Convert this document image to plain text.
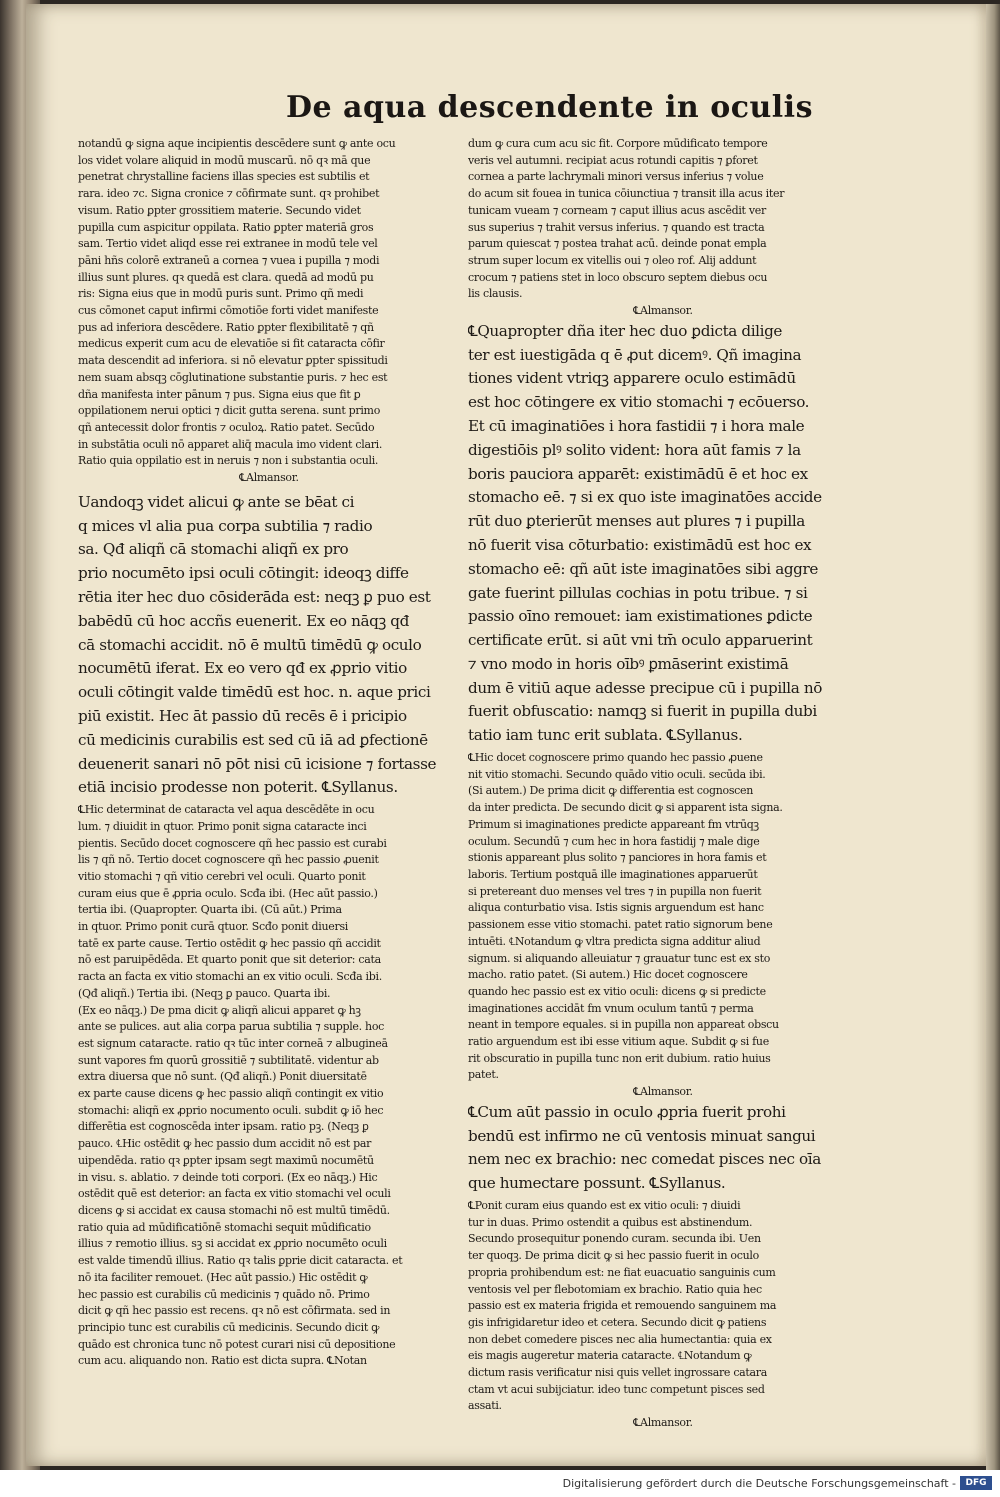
De aqua descendente in oculis
notandū ꝙ signa aque incipientis descēdere sunt ꝙ ante ocu
los videt volare aliquid in modū muscarū. nō qꝛ mā que
penetrat chrystalline faciens illas species est subtilis et
rara. ideo ⁊c. Signa cronice ⁊ cōfirmate sunt. qꝛ prohibet
visum. Ratio ꝑpter grossitiem materie. Secundo videt
pupilla cum aspicitur oppilata. Ratio ꝑpter materiā gros
sam. Tertio videt aliqd esse rei extranee in modū tele vel
pāni hñs colorē extraneū a cornea ⁊ vuea i pupilla ⁊ modi
illius sunt plures. qꝛ quedā est clara. quedā ad modū pu
ris: Signa eius que in modū puris sunt. Primo qñ medi
cus cōmonet caput infirmi cōmotiōe forti videt manifeste
pus ad inferiora descēdere. Ratio ꝑpter flexibilitatē ⁊ qñ
medicus experit cum acu de elevatiōe si fit cataracta cōfir
mata descendit ad inferiora. si nō elevatur ꝑpter spissitudi
nem suam absqꝫ cōglutinatione substantie puris. ⁊ hec est
dña manifesta inter pānum ⁊ pus. Signa eius que fit ꝑ
oppilationem nerui optici ⁊ dicit gutta serena. sunt primo
qñ antecessit dolor frontis ⁊ oculoꝝ. Ratio patet. Secūdo
in substātia oculi nō apparet aliq̄ macula imo vident clari.
Ratio quia oppilatio est in neruis ⁊ non i substantia oculi.
℄Almansor.
Uandoqꝫ videt alicui ꝙ ante se bēat ci
q mices vl alia pua corpa subtilia ⁊ radio
sa. Qđ aliqñ cā stomachi aliqñ ex pro
prio nocumēto ipsi oculi cōtingit: ideoqꝫ diffe
rētia iter hec duo cōsiderāda est: neqꝫ ꝑ puo est
babēdū cū hoc accñs euenerit. Ex eo nāqꝫ qđ
cā stomachi accidit. nō ē multū timēdū ꝙ oculo
nocumētū iferat. Ex eo vero qđ ex ꝓprio vitio
oculi cōtingit valde timēdū est hoc. n. aque prici
piū existit. Hec āt passio dū recēs ē i pricipio
cū medicinis curabilis est sed cū iā ad ꝑfectionē
deuenerit sanari nō pōt nisi cū icisione ⁊ fortasse
etiā incisio prodesse non poterit. ℄Syllanus.
℄Hic determinat de cataracta vel aqua descēdēte in ocu
lum. ⁊ diuidit in qtuor. Primo ponit signa cataracte inci
pientis. Secūdo docet cognoscere qñ hec passio est curabi
lis ⁊ qñ nō. Tertio docet cognoscere qñ hec passio ꝓuenit
vitio stomachi ⁊ qñ vitio cerebri vel oculi. Quarto ponit
curam eius que ē ꝓpria oculo. Scđa ibi. (Hec aūt passio.)
tertia ibi. (Quapropter. Quarta ibi. (Cū aūt.) Prima
in qtuor. Primo ponit curā qtuor. Scđo ponit diuersi
tatē ex parte cause. Tertio ostēdit ꝙ hec passio qñ accidit
nō est paruipēdēda. Et quarto ponit que sit deterior: cata
racta an facta ex vitio stomachi an ex vitio oculi. Scđa ibi.
(Qđ aliqñ.) Tertia ibi. (Neqꝫ ꝑ pauco. Quarta ibi.
(Ex eo nāqꝫ.) De pma dicit ꝙ aliqñ alicui apparet ꝙ hꝫ
ante se pulices. aut alia corpa parua subtilia ⁊ supple. hoc
est signum cataracte. ratio qꝛ tūc inter corneā ⁊ albugineā
sunt vapores fm quorū grossitiē ⁊ subtilitatē. videntur ab
extra diuersa que nō sunt. (Qđ aliqñ.) Ponit diuersitatē
ex parte cause dicens ꝙ hec passio aliqñ contingit ex vitio
stomachi: aliqñ ex ꝓprio nocumento oculi. subdit ꝙ iō hec
differētia est cognoscēda inter ipsam. ratio pꝫ. (Neqꝫ ꝑ
pauco. ℄Hic ostēdit ꝙ hec passio dum accidit nō est par
uipendēda. ratio qꝛ ꝑpter ipsam segt maximū nocumētū
in visu. s. ablatio. ⁊ deinde toti corpori. (Ex eo nāqꝫ.) Hic
ostēdit quē est deterior: an facta ex vitio stomachi vel oculi
dicens ꝙ si accidat ex causa stomachi nō est multū timēdū.
ratio quia ad mūdificatiōnē stomachi sequit mūdificatio
illius ⁊ remotio illius. sꝫ si accidat ex ꝓprio nocumēto oculi
est valde timendū illius. Ratio qꝛ talis ꝑprie dicit cataracta. et
nō ita faciliter remouet. (Hec aūt passio.) Hic ostēdit ꝙ
hec passio est curabilis cū medicinis ⁊ quādo nō. Primo
dicit ꝙ qñ hec passio est recens. qꝛ nō est cōfirmata. sed in
principio tunc est curabilis cū medicinis. Secundo dicit ꝙ
quādo est chronica tunc nō potest curari nisi cū depositione
cum acu. aliquando non. Ratio est dicta supra. ℄Notan
dum ꝙ cura cum acu sic fit. Corpore mūdificato tempore
veris vel autumni. recipiat acus rotundi capitis ⁊ ꝑforet
cornea a parte lachrymali minori versus inferius ⁊ volue
do acum sit fouea in tunica cōiunctiua ⁊ transit illa acus iter
tunicam vueam ⁊ corneam ⁊ caput illius acus ascēdit ver
sus superius ⁊ trahit versus inferius. ⁊ quando est tracta
parum quiescat ⁊ postea trahat acū. deinde ponat empla
strum super locum ex vitellis oui ⁊ oleo rof. Alij addunt
crocum ⁊ patiens stet in loco obscuro septem diebus ocu
lis clausis.
℄Almansor.
℄Quapropter dña iter hec duo ꝑdicta dilige
ter est iuestigāda q ē ꝓut dicemꝰ. Qñ imagina
tiones vident vtriqꝫ apparere oculo estimādū
est hoc cōtingere ex vitio stomachi ⁊ ecōuerso.
Et cū imaginatiōes i hora fastidii ⁊ i hora male
digestiōis plꝰ solito vident: hora aūt famis ⁊ la
boris pauciora apparēt: existimādū ē et hoc ex
stomacho eē. ⁊ si ex quo iste imaginatōes accide
rūt duo ꝑterierūt menses aut plures ⁊ i pupilla
nō fuerit visa cōturbatio: existimādū est hoc ex
stomacho eē: qñ aūt iste imaginatōes sibi aggre
gate fuerint pillulas cochias in potu tribue. ⁊ si
passio oīno remouet: iam existimationes ꝑdicte
certificate erūt. si aūt vni tm̄ oculo apparuerint
⁊ vno modo in horis oībꝰ ꝑmāserint existimā
dum ē vitiū aque adesse precipue cū i pupilla nō
fuerit obfuscatio: namqꝫ si fuerit in pupilla dubi
tatio iam tunc erit sublata. ℄Syllanus.
℄Hic docet cognoscere primo quando hec passio ꝓuene
nit vitio stomachi. Secundo quādo vitio oculi. secūda ibi.
(Si autem.) De prima dicit ꝙ differentia est cognoscen
da inter predicta. De secundo dicit ꝙ si apparent ista signa.
Primum si imaginationes predicte appareant fm vtrūqꝫ
oculum. Secundū ⁊ cum hec in hora fastidij ⁊ male dige
stionis appareant plus solito ⁊ panciores in hora famis et
laboris. Tertium postquā ille imaginationes apparuerūt
si pretereant duo menses vel tres ⁊ in pupilla non fuerit
aliqua conturbatio visa. Istis signis arguendum est hanc
passionem esse vitio stomachi. patet ratio signorum bene
intuēti. ℄Notandum ꝙ vltra predicta signa additur aliud
signum. si aliquando alleuiatur ⁊ grauatur tunc est ex sto
macho. ratio patet. (Si autem.) Hic docet cognoscere
quando hec passio est ex vitio oculi: dicens ꝙ si predicte
imaginationes accidāt fm vnum oculum tantū ⁊ perma
neant in tempore equales. si in pupilla non appareat obscu
ratio arguendum est ibi esse vitium aque. Subdit ꝙ si fue
rit obscuratio in pupilla tunc non erit dubium. ratio huius
patet.
℄Almansor.
℄Cum aūt passio in oculo ꝓpria fuerit prohi
bendū est infirmo ne cū ventosis minuat sangui
nem nec ex brachio: nec comedat pisces nec oīa
que humectare possunt. ℄Syllanus.
℄Ponit curam eius quando est ex vitio oculi: ⁊ diuidi
tur in duas. Primo ostendit a quibus est abstinendum.
Secundo prosequitur ponendo curam. secunda ibi. Uen
ter quoqꝫ. De prima dicit ꝙ si hec passio fuerit in oculo
propria prohibendum est: ne fiat euacuatio sanguinis cum
ventosis vel per flebotomiam ex brachio. Ratio quia hec
passio est ex materia frigida et remouendo sanguinem ma
gis infrigidaretur ideo et cetera. Secundo dicit ꝙ patiens
non debet comedere pisces nec alia humectantia: quia ex
eis magis augeretur materia cataracte. ℄Notandum ꝙ
dictum rasis verificatur nisi quis vellet ingrossare catara
ctam vt acui subijciatur. ideo tunc competunt pisces sed
assati.
℄Almansor.
Digitalisierung gefördert durch die Deutsche Forschungsgemeinschaft -	DFG
